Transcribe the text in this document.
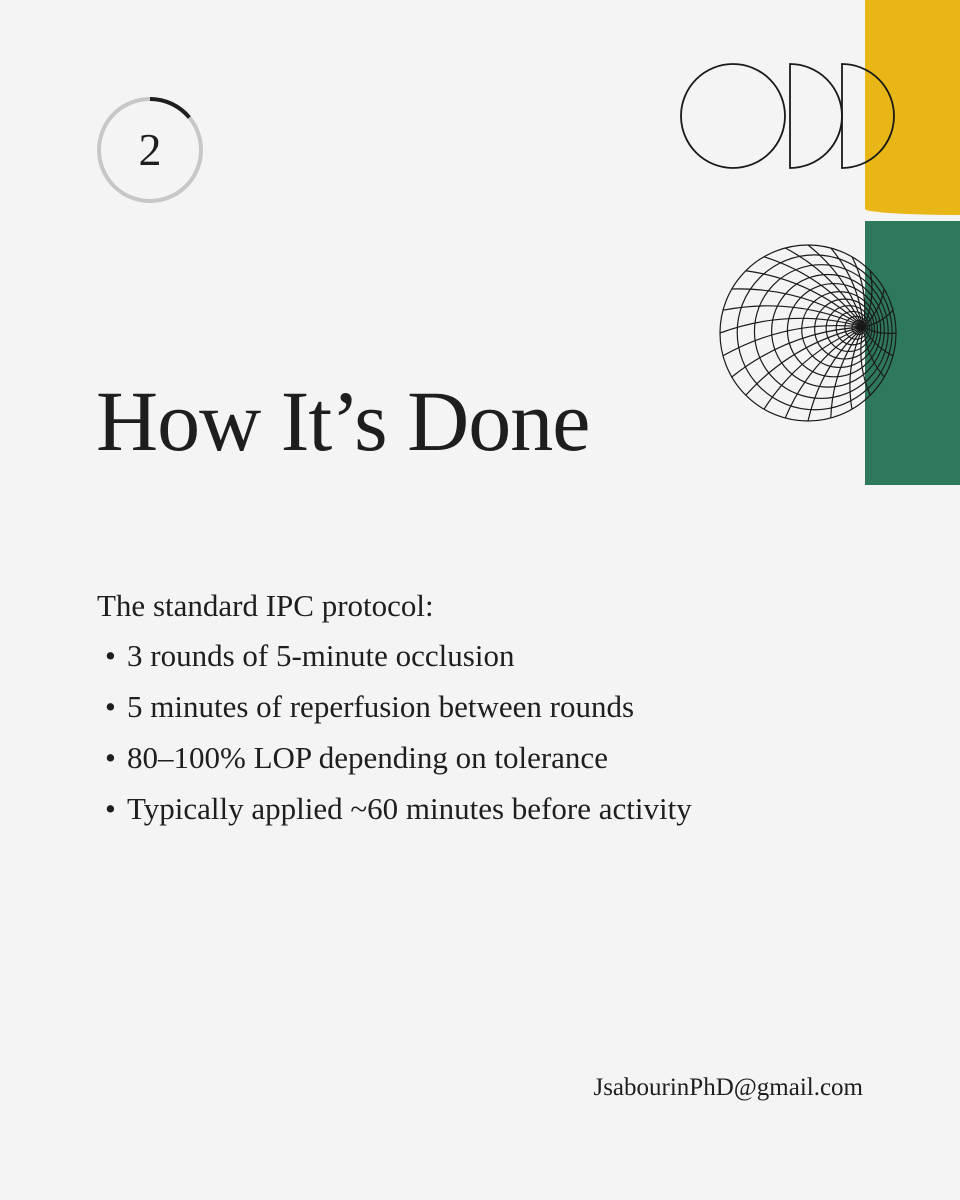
2
How It’s Done
The standard IPC protocol:
• 3 rounds of 5-minute occlusion
• 5 minutes of reperfusion between rounds
• 80–100% LOP depending on tolerance
• Typically applied ~60 minutes before activity
JsabourinPhD@gmail.com
